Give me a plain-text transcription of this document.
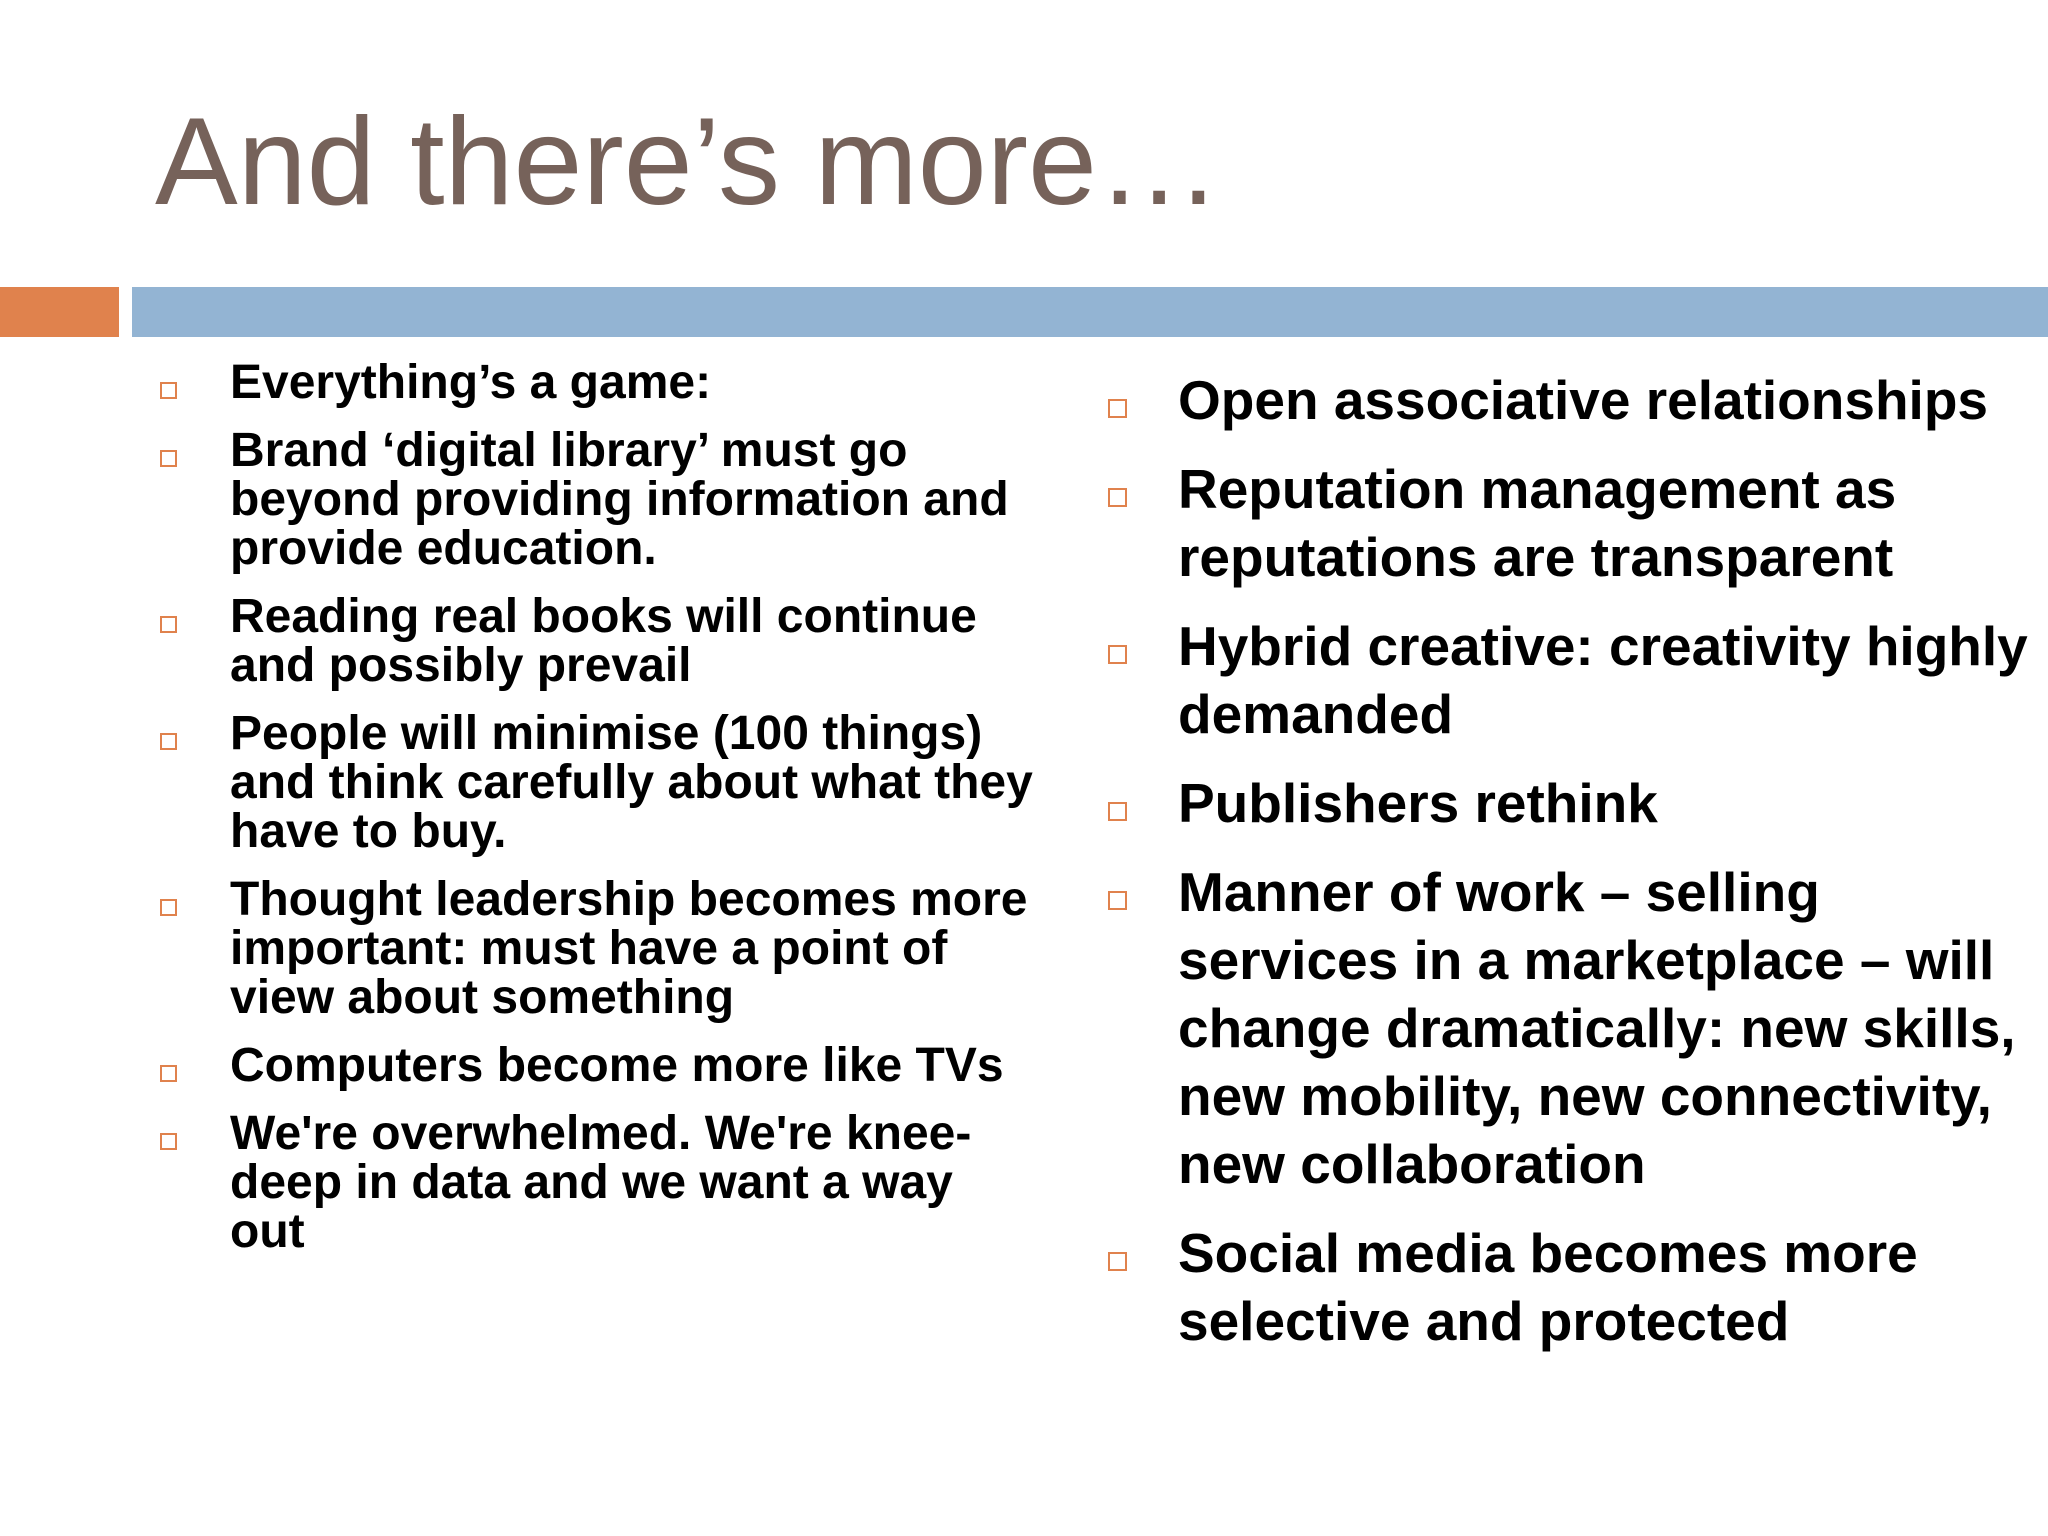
And there’s more…
Everything’s a game:
Brand ‘digital library’ must go beyond providing information and provide education.
Reading real books will continue and possibly prevail
People will minimise (100 things) and think carefully about what they have to buy.
Thought leadership becomes more important: must have a point of view about something
Computers become more like TVs
We're overwhelmed. We're knee-deep in data and we want a way out
Open associative relationships
Reputation management as reputations are transparent
Hybrid creative: creativity highly demanded
Publishers rethink
Manner of work – selling services in a marketplace – will change dramatically: new skills, new mobility, new connectivity, new collaboration
Social media becomes more selective and protected
